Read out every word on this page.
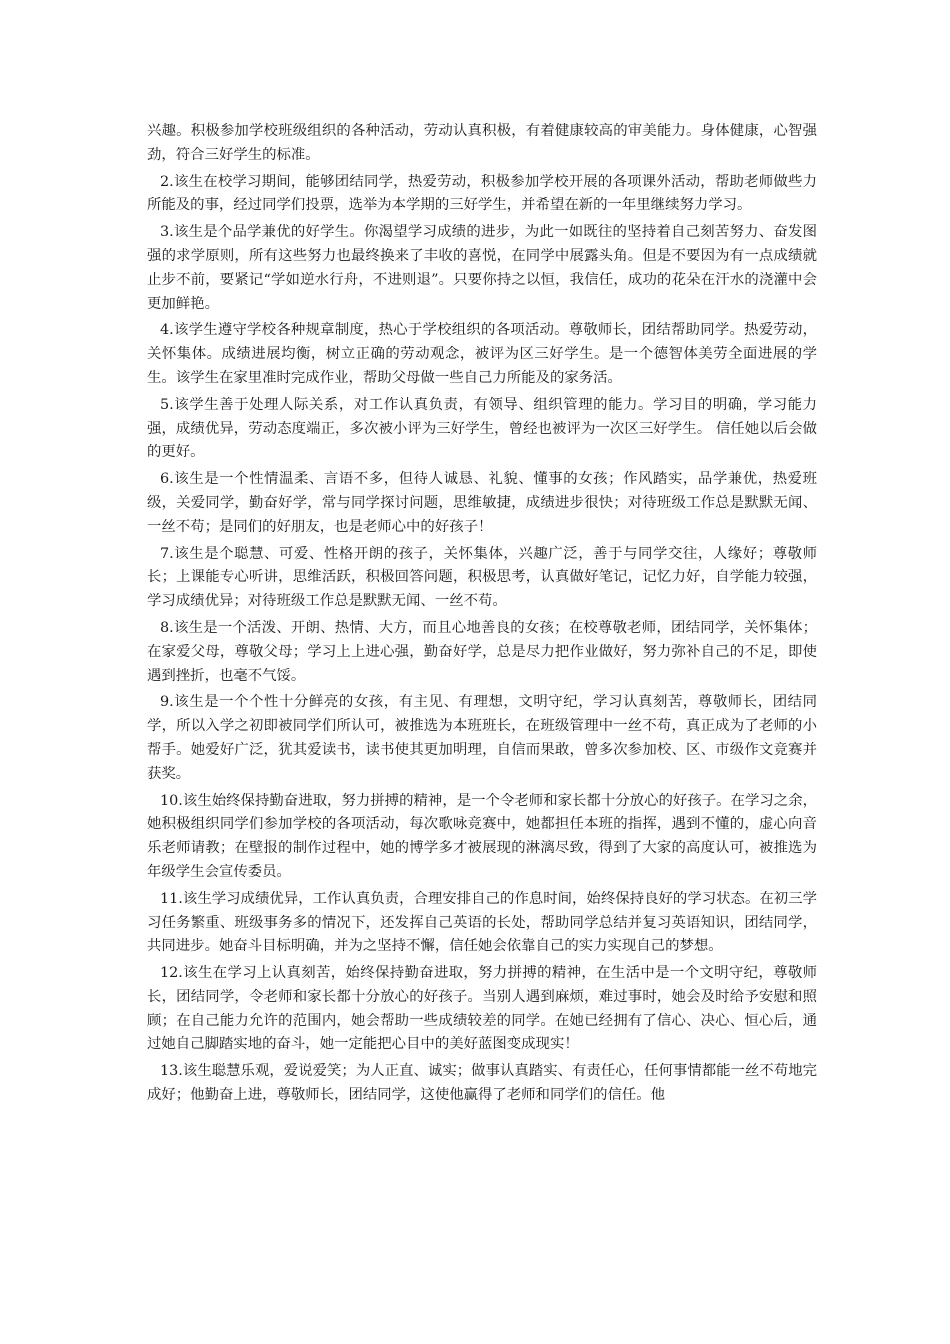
兴趣。积极参加学校班级组织的各种活动，劳动认真积极，有着健康较高的审美能力。身体健康，心智强劲，符合三好学生的标准。

2.该生在校学习期间，能够团结同学，热爱劳动，积极参加学校开展的各项课外活动，帮助老师做些力所能及的事，经过同学们投票，选举为本学期的三好学生，并希望在新的一年里继续努力学习。

3.该生是个品学兼优的好学生。你渴望学习成绩的进步，为此一如既往的坚持着自己刻苦努力、奋发图强的求学原则，所有这些努力也最终换来了丰收的喜悦，在同学中展露头角。但是不要因为有一点成绩就止步不前，要紧记“学如逆水行舟，不进则退”。只要你持之以恒，我信任，成功的花朵在汗水的浇灌中会更加鲜艳。

4.该学生遵守学校各种规章制度，热心于学校组织的各项活动。尊敬师长，团结帮助同学。热爱劳动，关怀集体。成绩进展均衡，树立正确的劳动观念，被评为区三好学生。是一个德智体美劳全面进展的学生。该学生在家里准时完成作业，帮助父母做一些自己力所能及的家务活。

5.该学生善于处理人际关系，对工作认真负责，有领导、组织管理的能力。学习目的明确，学习能力强，成绩优异，劳动态度端正，多次被小评为三好学生，曾经也被评为一次区三好学生。 信任她以后会做的更好。

6.该生是一个性情温柔、言语不多，但待人诚恳、礼貌、懂事的女孩；作风踏实，品学兼优，热爱班级，关爱同学，勤奋好学，常与同学探讨问题，思维敏捷，成绩进步很快；对待班级工作总是默默无闻、一丝不苟；是同们的好朋友，也是老师心中的好孩子！

7.该生是个聪慧、可爱、性格开朗的孩子，关怀集体，兴趣广泛，善于与同学交往，人缘好；尊敬师长；上课能专心听讲，思维活跃，积极回答问题，积极思考，认真做好笔记，记忆力好，自学能力较强，学习成绩优异；对待班级工作总是默默无闻、一丝不苟。

8.该生是一个活泼、开朗、热情、大方，而且心地善良的女孩；在校尊敬老师，团结同学，关怀集体；在家爱父母，尊敬父母；学习上上进心强，勤奋好学，总是尽力把作业做好，努力弥补自己的不足，即使遇到挫折，也毫不气馁。

9.该生是一个个性十分鲜亮的女孩，有主见、有理想，文明守纪，学习认真刻苦，尊敬师长，团结同学，所以入学之初即被同学们所认可，被推选为本班班长，在班级管理中一丝不苟，真正成为了老师的小帮手。她爱好广泛，犹其爱读书，读书使其更加明理，自信而果敢，曾多次参加校、区、市级作文竞赛并获奖。

10.该生始终保持勤奋进取，努力拼搏的精神，是一个令老师和家长都十分放心的好孩子。在学习之余，她积极组织同学们参加学校的各项活动，每次歌咏竞赛中，她都担任本班的指挥，遇到不懂的，虚心向音乐老师请教；在壁报的制作过程中，她的博学多才被展现的淋漓尽致，得到了大家的高度认可，被推选为年级学生会宣传委员。

11.该生学习成绩优异，工作认真负责，合理安排自己的作息时间，始终保持良好的学习状态。在初三学习任务繁重、班级事务多的情况下，还发挥自己英语的长处，帮助同学总结并复习英语知识，团结同学，共同进步。她奋斗目标明确，并为之坚持不懈，信任她会依靠自己的实力实现自己的梦想。

12.该生在学习上认真刻苦，始终保持勤奋进取，努力拼搏的精神，在生活中是一个文明守纪，尊敬师长，团结同学，令老师和家长都十分放心的好孩子。当别人遇到麻烦，难过事时，她会及时给予安慰和照顾；在自己能力允许的范围内，她会帮助一些成绩较差的同学。在她已经拥有了信心、决心、恒心后，通过她自己脚踏实地的奋斗，她一定能把心目中的美好蓝图变成现实！

13.该生聪慧乐观，爱说爱笑；为人正直、诚实；做事认真踏实、有责任心，任何事情都能一丝不苟地完成好；他勤奋上进，尊敬师长，团结同学，这使他赢得了老师和同学们的信任。他
